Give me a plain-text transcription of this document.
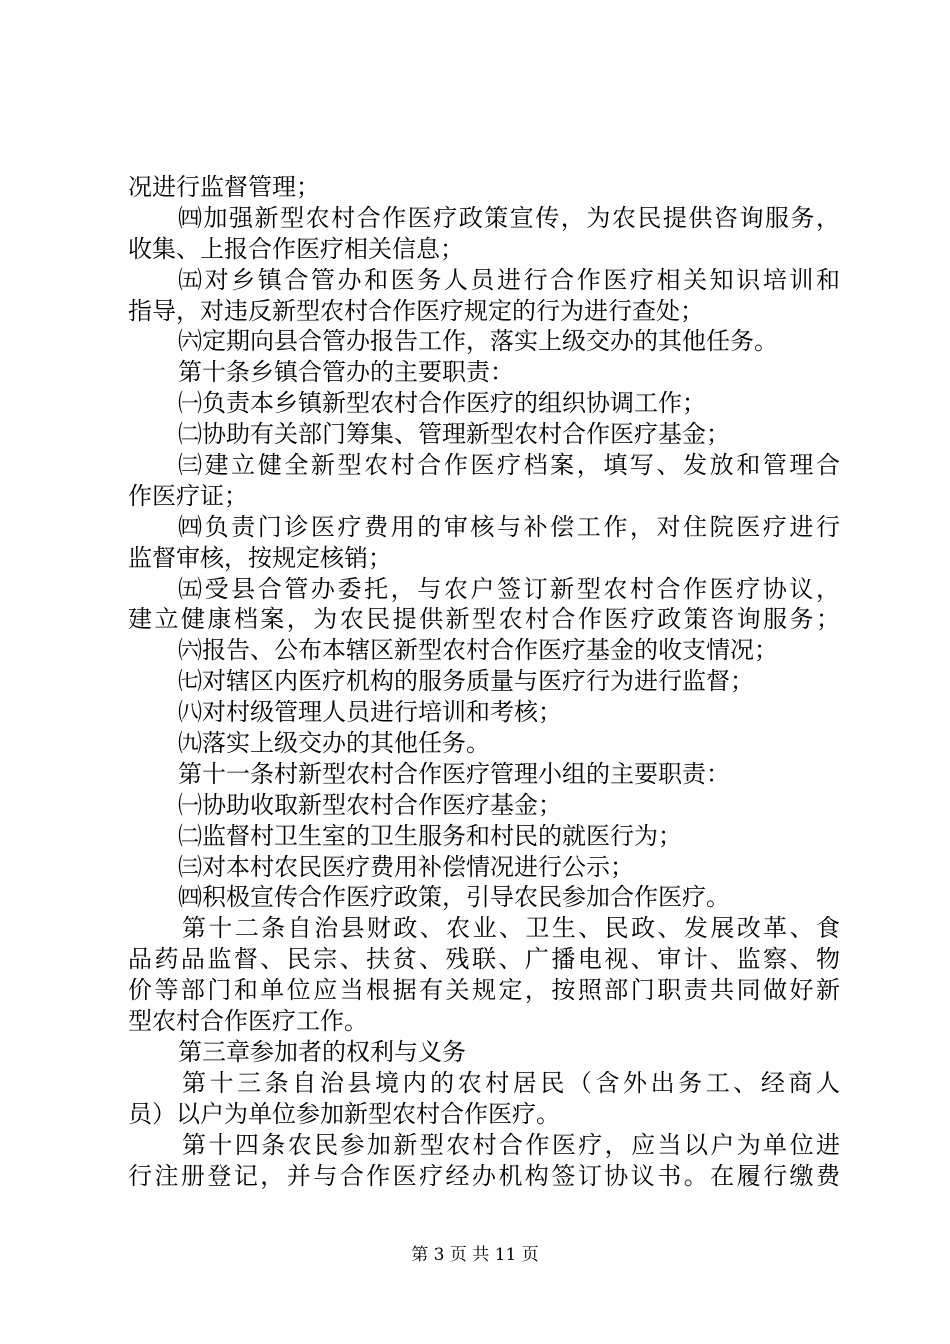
况进行监督管理；
㈣加强新型农村合作医疗政策宣传，为农民提供咨询服务，
收集、上报合作医疗相关信息；
㈤对乡镇合管办和医务人员进行合作医疗相关知识培训和
指导，对违反新型农村合作医疗规定的行为进行查处；
㈥定期向县合管办报告工作，落实上级交办的其他任务。
第十条乡镇合管办的主要职责：
㈠负责本乡镇新型农村合作医疗的组织协调工作；
㈡协助有关部门筹集、管理新型农村合作医疗基金；
㈢建立健全新型农村合作医疗档案，填写、发放和管理合
作医疗证；
㈣负责门诊医疗费用的审核与补偿工作，对住院医疗进行
监督审核，按规定核销；
㈤受县合管办委托，与农户签订新型农村合作医疗协议，
建立健康档案，为农民提供新型农村合作医疗政策咨询服务；
㈥报告、公布本辖区新型农村合作医疗基金的收支情况；
㈦对辖区内医疗机构的服务质量与医疗行为进行监督；
㈧对村级管理人员进行培训和考核；
㈨落实上级交办的其他任务。
第十一条村新型农村合作医疗管理小组的主要职责：
㈠协助收取新型农村合作医疗基金；
㈡监督村卫生室的卫生服务和村民的就医行为；
㈢对本村农民医疗费用补偿情况进行公示；
㈣积极宣传合作医疗政策，引导农民参加合作医疗。
第十二条自治县财政、农业、卫生、民政、发展改革、食
品药品监督、民宗、扶贫、残联、广播电视、审计、监察、物
价等部门和单位应当根据有关规定，按照部门职责共同做好新
型农村合作医疗工作。
第三章参加者的权利与义务
第十三条自治县境内的农村居民（含外出务工、经商人
员）以户为单位参加新型农村合作医疗。
第十四条农民参加新型农村合作医疗，应当以户为单位进
行注册登记，并与合作医疗经办机构签订协议书。在履行缴费
第 3 页 共 11 页
